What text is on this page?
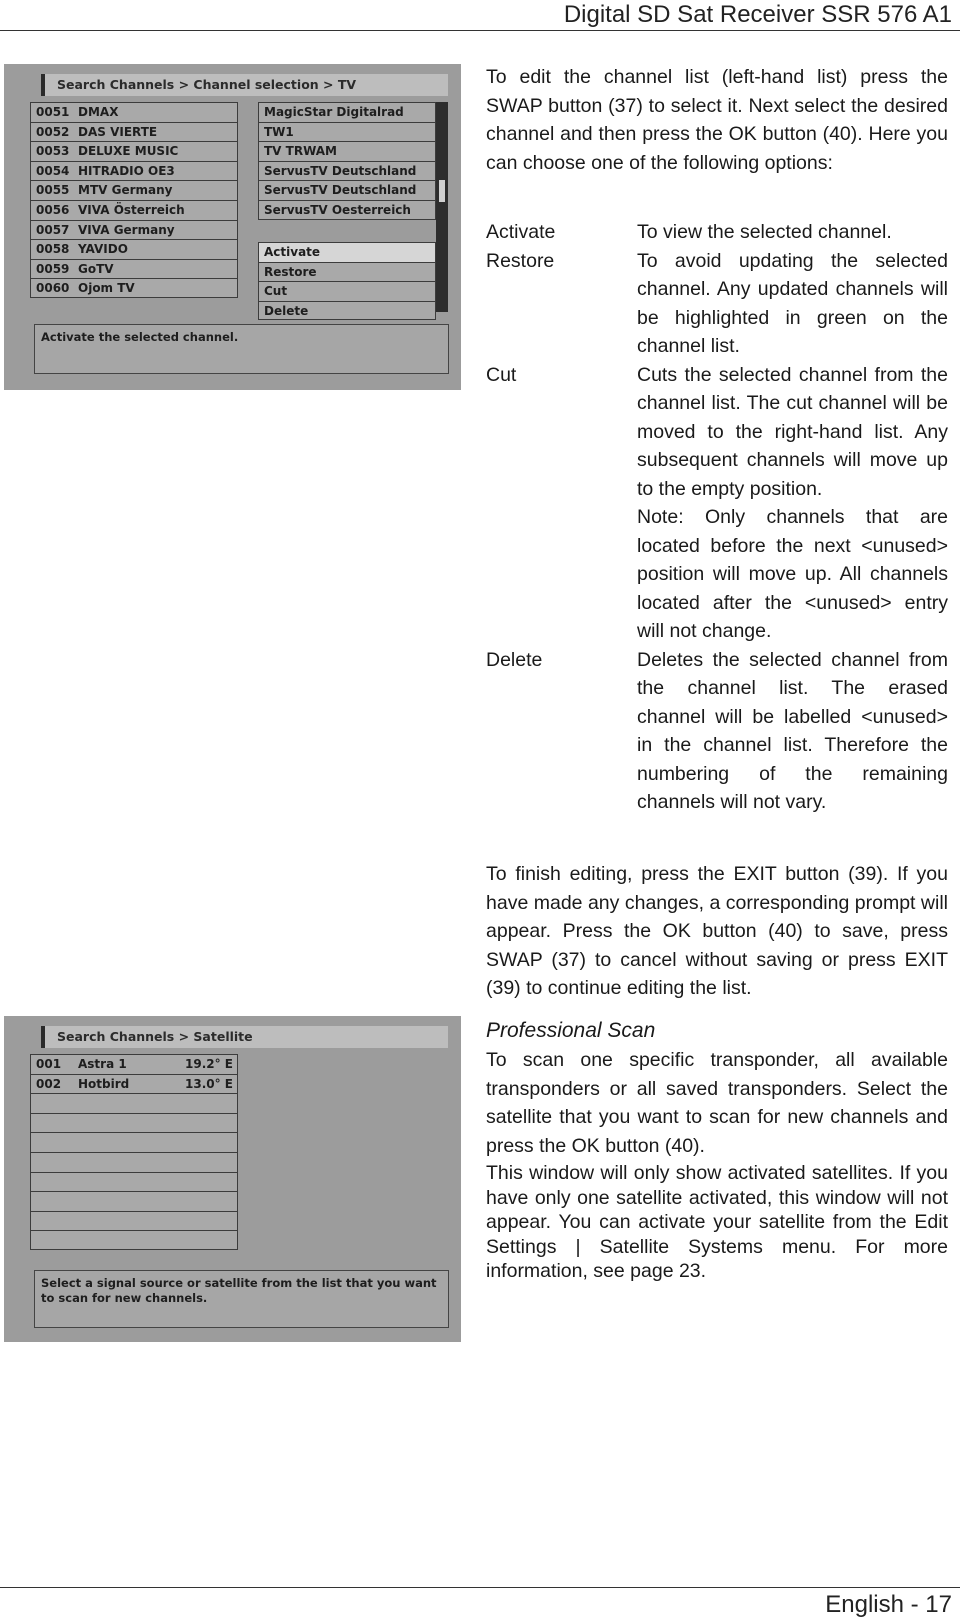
Digital SD Sat Receiver SSR 576 A1
Search Channels > Channel selection > TV
0051 DMAX
0052 DAS VIERTE
0053 DELUXE MUSIC
0054 HITRADIO OE3
0055 MTV Germany
0056 VIVA Österreich
0057 VIVA Germany
0058 YAVIDO
0059 GoTV
0060 Ojom TV
MagicStar Digitalrad
TW1
TV TRWAM
ServusTV Deutschland
ServusTV Deutschland
ServusTV Oesterreich
Activate
Restore
Cut
Delete
Activate the selected channel.

To edit the channel list (left-hand list) press the SWAP button (37) to select it. Next select the desired channel and then press the OK button (40). Here you can choose one of the following options:

Activate	To view the selected channel.

Restore	To avoid updating the selected channel. Any updated channels will be highlighted in green on the channel list.

Cut	Cuts the selected channel from the channel list. The cut channel will be moved to the right-hand list. Any subsequent channels will move up to the empty position.

Note: Only channels that are located before the next <unused> position will move up. All channels located after the <unused> entry will not change.

Delete	Deletes the selected channel from the channel list. The erased channel will be labelled <unused> in the channel list. Therefore the numbering of the remaining channels will not vary.

To finish editing, press the EXIT button (39). If you have made any changes, a corresponding prompt will appear. Press the OK button (40) to save, press SWAP (37) to cancel without saving or press EXIT (39) to continue editing the list.

Search Channels > Satellite
001	Astra 1	19.2° E
002	Hotbird	13.0° E
Select a signal source or satellite from the list that you want to scan for new channels.

Professional Scan

To scan one specific transponder, all available transponders or all saved transponders. Select the satellite that you want to scan for new channels and press the OK button (40).

This window will only show activated satellites. If you have only one satellite activated, this window will not appear. You can activate your satellite from the Edit Settings | Satellite Systems menu. For more information, see page 23.

English - 17
